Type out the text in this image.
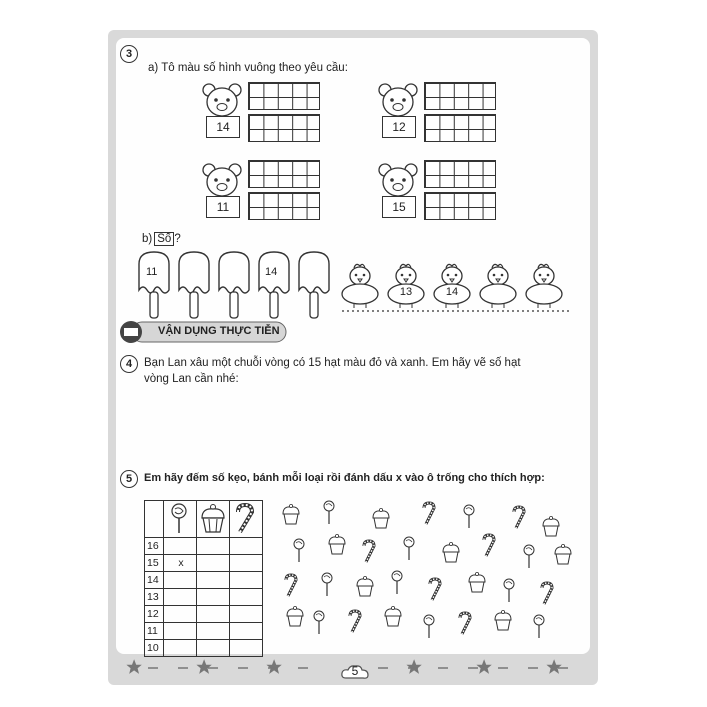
3
a) Tô màu số hình vuông theo yêu cầu:
14	12
11	15
b) Số ?
11	14
13	14
VẬN DỤNG THỰC TIỄN
4	Bạn Lan xâu một chuỗi vòng có 15 hạt màu đỏ và xanh. Em hãy vẽ số hạt
vòng Lan cần nhé:
5	Em hãy đếm số kẹo, bánh mỗi loại rồi đánh dấu x vào ô trống cho thích hợp:

16			
15	x		
14			
13			
12			
11			
10			
5
